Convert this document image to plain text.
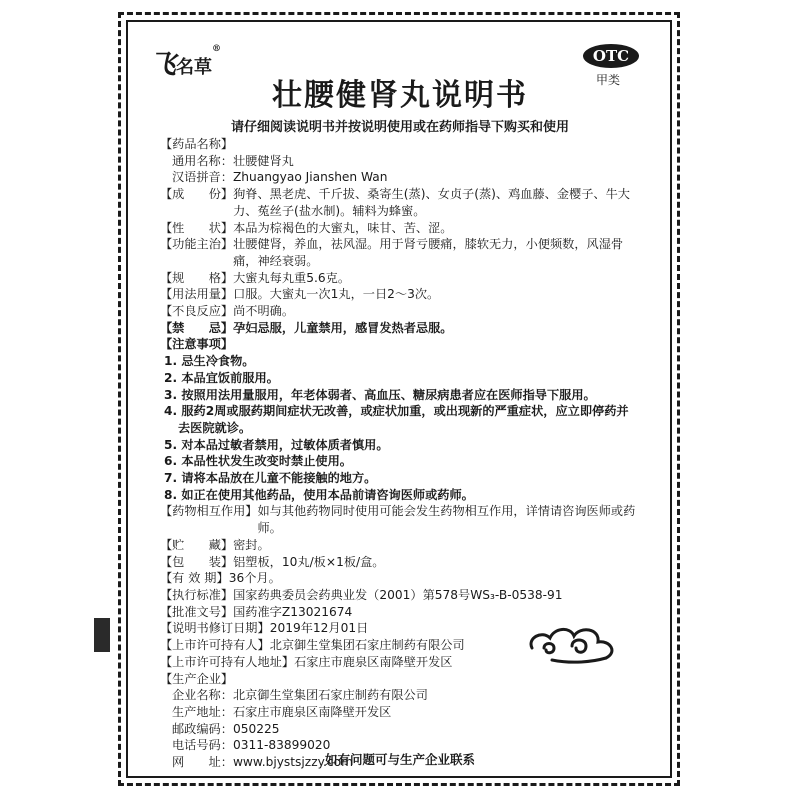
飞名草®	OTC
甲类
壮腰健肾丸说明书
请仔细阅读说明书并按说明使用或在药师指导下购买和使用
【药品名称】
通用名称： 壮腰健肾丸
汉语拼音： Zhuangyao Jianshen Wan
【成　　份】 狗脊、黑老虎、千斤拔、桑寄生(蒸)、女贞子(蒸)、鸡血藤、金樱子、牛大力、菟丝子(盐水制)。辅料为蜂蜜。
【性　　状】 本品为棕褐色的大蜜丸，味甘、苦、涩。
【功能主治】 壮腰健肾，养血，祛风湿。用于肾亏腰痛，膝软无力，小便频数，风湿骨痛，神经衰弱。
【规　　格】 大蜜丸每丸重5.6克。
【用法用量】 口服。大蜜丸一次1丸，一日2～3次。
【不良反应】 尚不明确。
【禁　　忌】 孕妇忌服，儿童禁用，感冒发热者忌服。
【注意事项】
1. 忌生冷食物。
2. 本品宜饭前服用。
3. 按照用法用量服用，年老体弱者、高血压、糖尿病患者应在医师指导下服用。
4. 服药2周或服药期间症状无改善，或症状加重，或出现新的严重症状，应立即停药并去医院就诊。
5. 对本品过敏者禁用，过敏体质者慎用。
6. 本品性状发生改变时禁止使用。
7. 请将本品放在儿童不能接触的地方。
8. 如正在使用其他药品，使用本品前请咨询医师或药师。
【药物相互作用】 如与其他药物同时使用可能会发生药物相互作用，详情请咨询医师或药师。
【贮　　藏】 密封。
【包　　装】 铝塑板，10丸/板×1板/盒。
【有 效 期】 36个月。
【执行标准】 国家药典委员会药典业发（2001）第578号WS₃-B-0538-91
【批准文号】 国药准字Z13021674
【说明书修订日期】 2019年12月01日
【上市许可持有人】 北京御生堂集团石家庄制药有限公司
【上市许可持有人地址】 石家庄市鹿泉区南降壁开发区
【生产企业】
企业名称： 北京御生堂集团石家庄制药有限公司
生产地址： 石家庄市鹿泉区南降壁开发区
邮政编码： 050225
电话号码： 0311-83899020
网　　址： www.bjystsjzzy.com
如有问题可与生产企业联系
